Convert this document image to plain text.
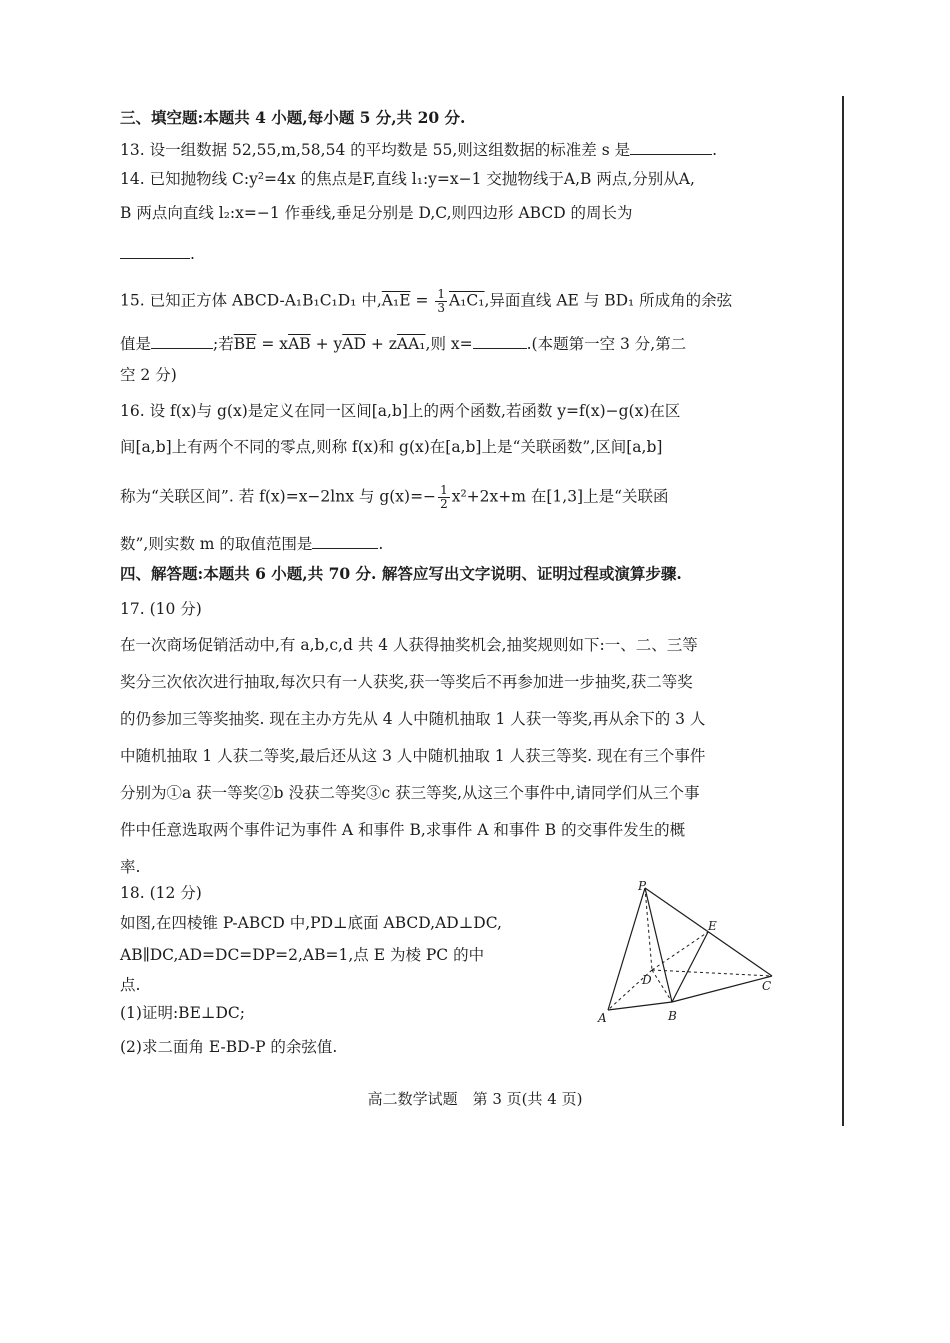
三、填空题:本题共 4 小题,每小题 5 分,共 20 分.
13. 设一组数据 52,55,m,58,54 的平均数是 55,则这组数据的标准差 s 是	.
14. 已知抛物线 C:y²=4x 的焦点是F,直线 l₁:y=x−1 交抛物线于A,B 两点,分别从A,
B 两点向直线 l₂:x=−1 作垂线,垂足分别是 D,C,则四边形 ABCD 的周长为
.
15. 已知正方体 ABCD-A₁B₁C₁D₁ 中$,A_1E = \frac{1}{3} A_1C_1$,异面直线 AE 与 BD₁ 所成角的余弦
值是	;若$\overline{BE} = x\overline{AB} + y\overline{AD} + zAA_1$,则 x=	.(本题第一空 3 分,第二
空 2 分)
16. 设 f(x)与 g(x)是定义在同一区间[a,b]上的两个函数,若函数 y=f(x)−g(x)在区
间[a,b]上有两个不同的零点,则称 f(x)和 g(x)在[a,b]上是“关联函数”,区间[a,b]
称为“关联区间”. 若 f(x)=x−2lnx 与 $g(x)=- \frac{1}{2} x^2+2x+m$ 在[1,3]上是“关联函
数”,则实数 m 的取值范围是	.
四、解答题:本题共 6 小题,共 70 分. 解答应写出文字说明、证明过程或演算步骤.
17. (10 分)
在一次商场促销活动中,有 a,b,c,d 共 4 人获得抽奖机会,抽奖规则如下:一、二、三等
奖分三次依次进行抽取,每次只有一人获奖,获一等奖后不再参加进一步抽奖,获二等奖
的仍参加三等奖抽奖. 现在主办方先从 4 人中随机抽取 1 人获一等奖,再从余下的 3 人
中随机抽取 1 人获二等奖,最后还从这 3 人中随机抽取 1 人获三等奖. 现在有三个事件
分别为①a 获一等奖②b 没获二等奖③c 获三等奖,从这三个事件中,请同学们从三个事
件中任意选取两个事件记为事件 A 和事件 B,求事件 A 和事件 B 的交事件发生的概
率.
18. (12 分)
如图,在四棱锥 P-ABCD 中,PD⊥底面 ABCD,AD⊥DC,
AB∥DC,AD=DC=DP=2,AB=1,点 E 为棱 PC 的中
点.
(1)证明:BE⊥DC;
(2)求二面角 E-BD-P 的余弦值.
P
E
D	C
A	B
高二数学试题　第 3 页(共 4 页)
